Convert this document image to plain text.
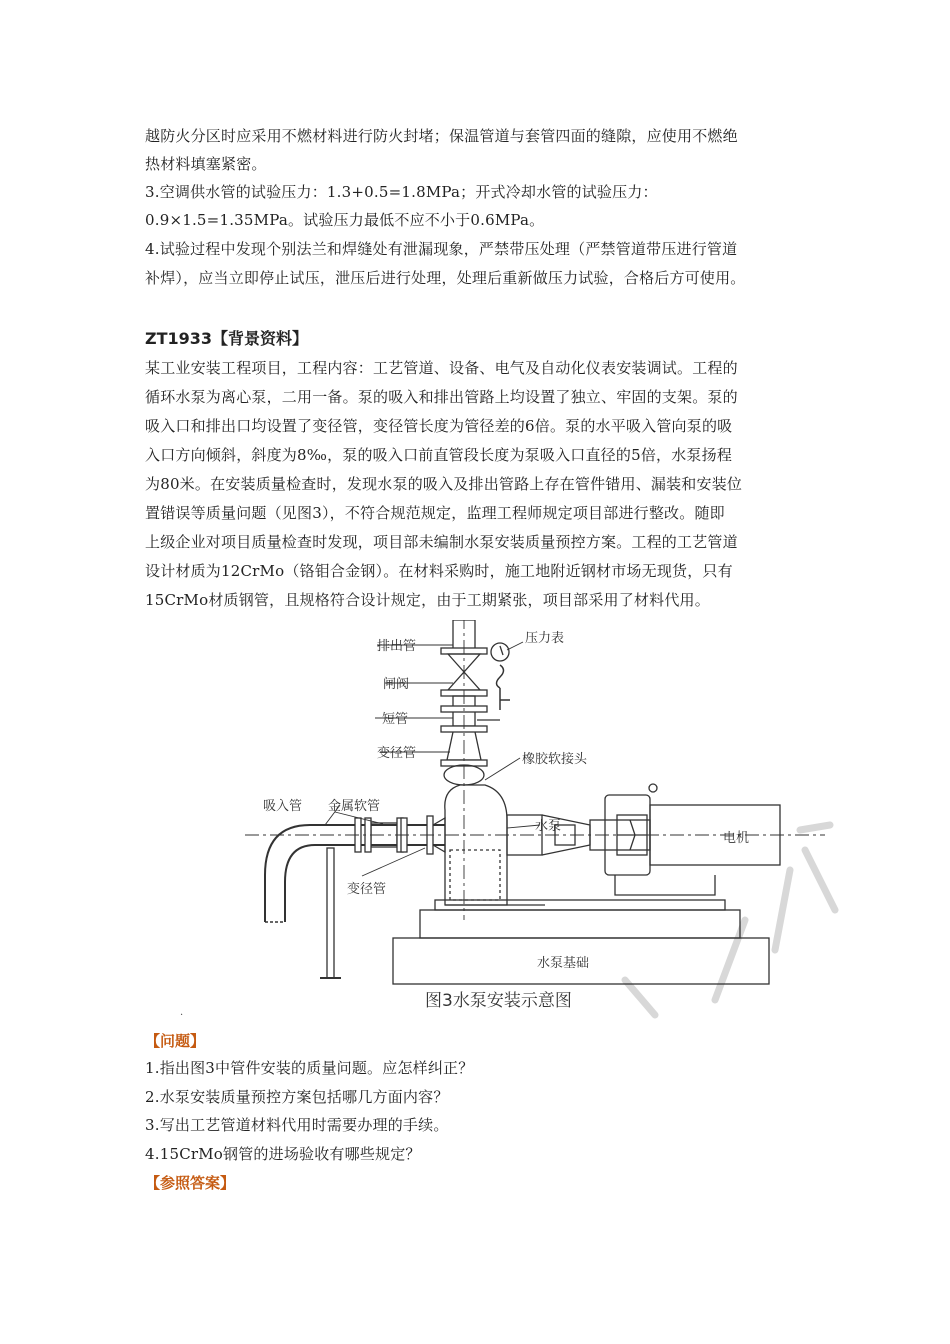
越防火分区时应采用不燃材料进行防火封堵；保温管道与套管四面的缝隙，应使用不燃绝
热材料填塞紧密。
3.空调供水管的试验压力：1.3+0.5=1.8MPa；开式冷却水管的试验压力：
0.9×1.5=1.35MPa。试验压力最低不应不小于0.6MPa。
4.试验过程中发现个别法兰和焊缝处有泄漏现象，严禁带压处理（严禁管道带压进行管道
补焊），应当立即停止试压，泄压后进行处理，处理后重新做压力试验，合格后方可使用。
ZT1933【背景资料】
某工业安装工程项目，工程内容：工艺管道、设备、电气及自动化仪表安装调试。工程的
循环水泵为离心泵，二用一备。泵的吸入和排出管路上均设置了独立、牢固的支架。泵的
吸入口和排出口均设置了变径管，变径管长度为管径差的6倍。泵的水平吸入管向泵的吸
入口方向倾斜，斜度为8‰，泵的吸入口前直管段长度为泵吸入口直径的5倍，水泵扬程
为80米。在安装质量检查时，发现水泵的吸入及排出管路上存在管件错用、漏装和安装位
置错误等质量问题（见图3），不符合规范规定，监理工程师规定项目部进行整改。随即
上级企业对项目质量检查时发现，项目部未编制水泵安装质量预控方案。工程的工艺管道
设计材质为12CrMo（铬钼合金钢）。在材料采购时，施工地附近钢材市场无现货，只有
15CrMo材质钢管，且规格符合设计规定，由于工期紧张，项目部采用了材料代用。
排出管
压力表
闸阀
短管
变径管	橡胶软接头
吸入管 金属软管
水泵
电机
变径管
水泵基础
图3水泵安装示意图
·
【问题】
1.指出图3中管件安装的质量问题。应怎样纠正？
2.水泵安装质量预控方案包括哪几方面内容？
3.写出工艺管道材料代用时需要办理的手续。
4.15CrMo钢管的进场验收有哪些规定？
【参照答案】
